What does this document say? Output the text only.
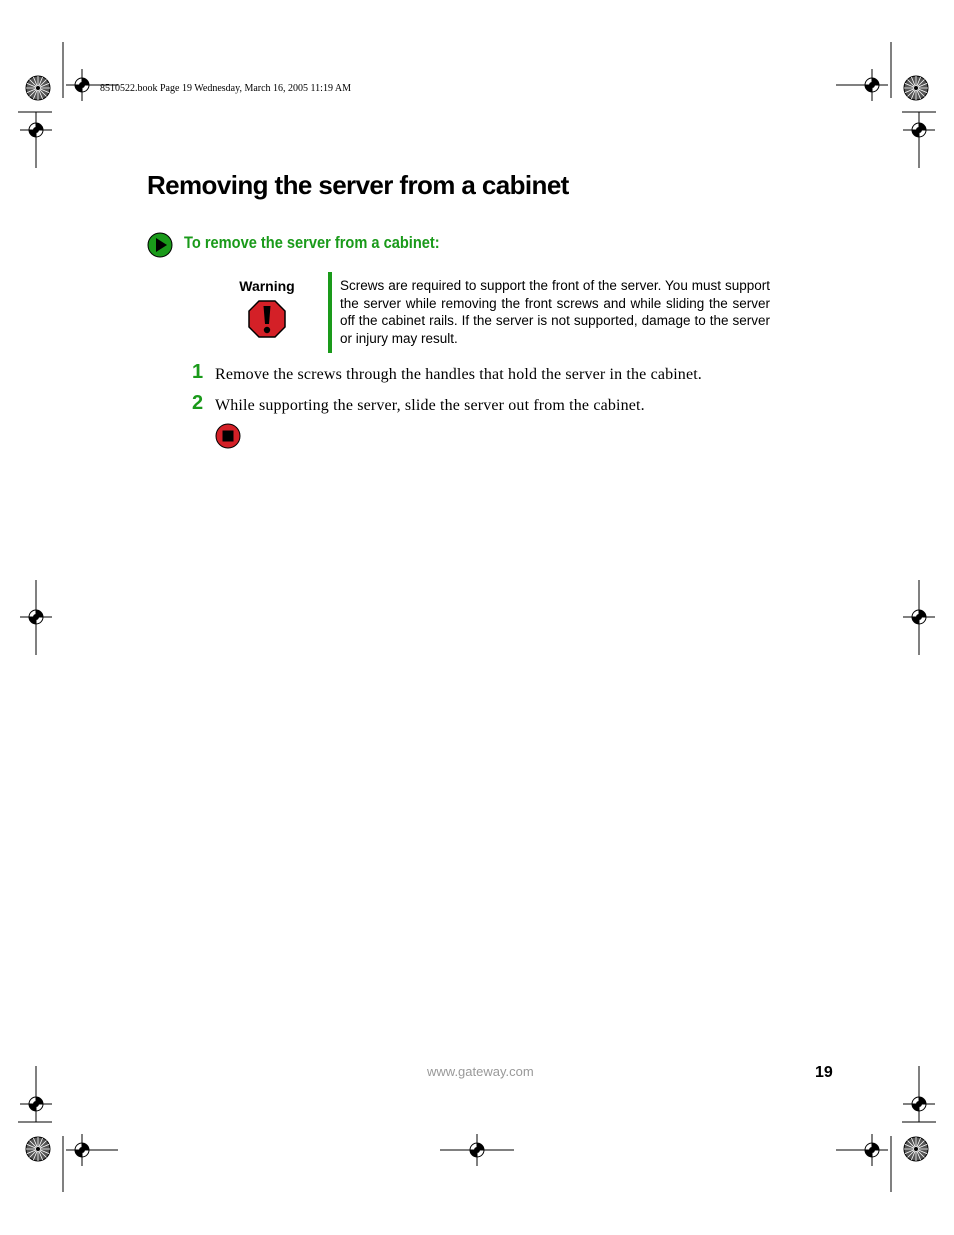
8510522.book Page 19 Wednesday, March 16, 2005 11:19 AM
Removing the server from a cabinet
To remove the server from a cabinet:
Warning	Screws are required to support the front of the server. You must support the server while removing the front screws and while sliding the server off the cabinet rails. If the server is not supported, damage to the server or injury may result.
1 Remove the screws through the handles that hold the server in the cabinet.
2 While supporting the server, slide the server out from the cabinet.
www.gateway.com	19
